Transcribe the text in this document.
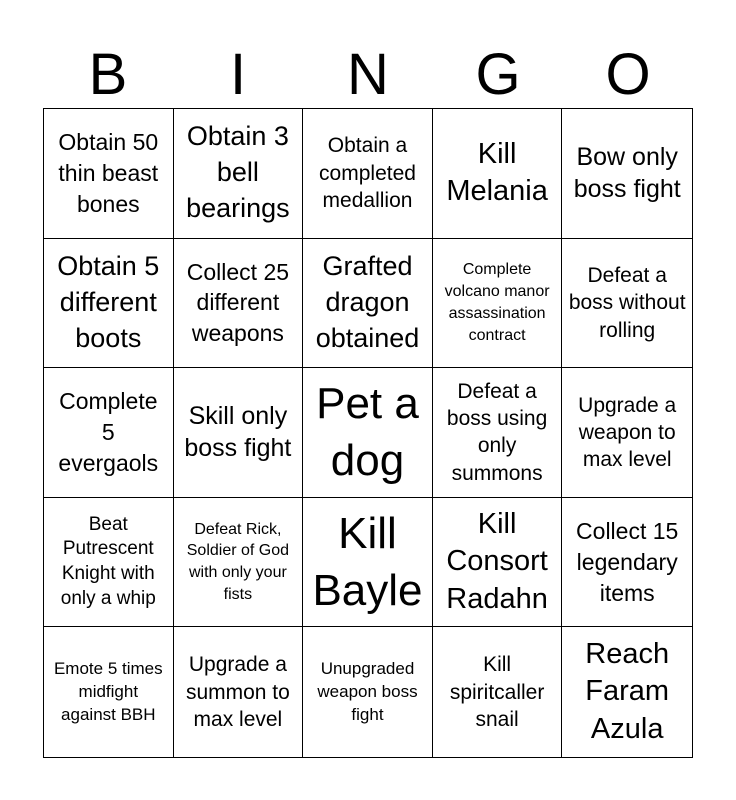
B	I	N	G	O
Obtain 50 thin beast bones
Obtain 3 bell bearings
Obtain a completed medallion
Kill Melania
Bow only boss fight
Obtain 5 different boots
Collect 25 different weapons
Grafted dragon obtained
Complete volcano manor assassination contract
Defeat a boss without rolling
Complete 5 evergaols
Skill only boss fight
Pet a dog
Defeat a boss using only summons
Upgrade a weapon to max level
Beat Putrescent Knight with only a whip
Defeat Rick, Soldier of God with only your fists
Kill Bayle
Kill Consort Radahn
Collect 15 legendary items
Emote 5 times midfight against BBH
Upgrade a summon to max level
Unupgraded weapon boss fight
Kill spiritcaller snail
Reach Faram Azula
